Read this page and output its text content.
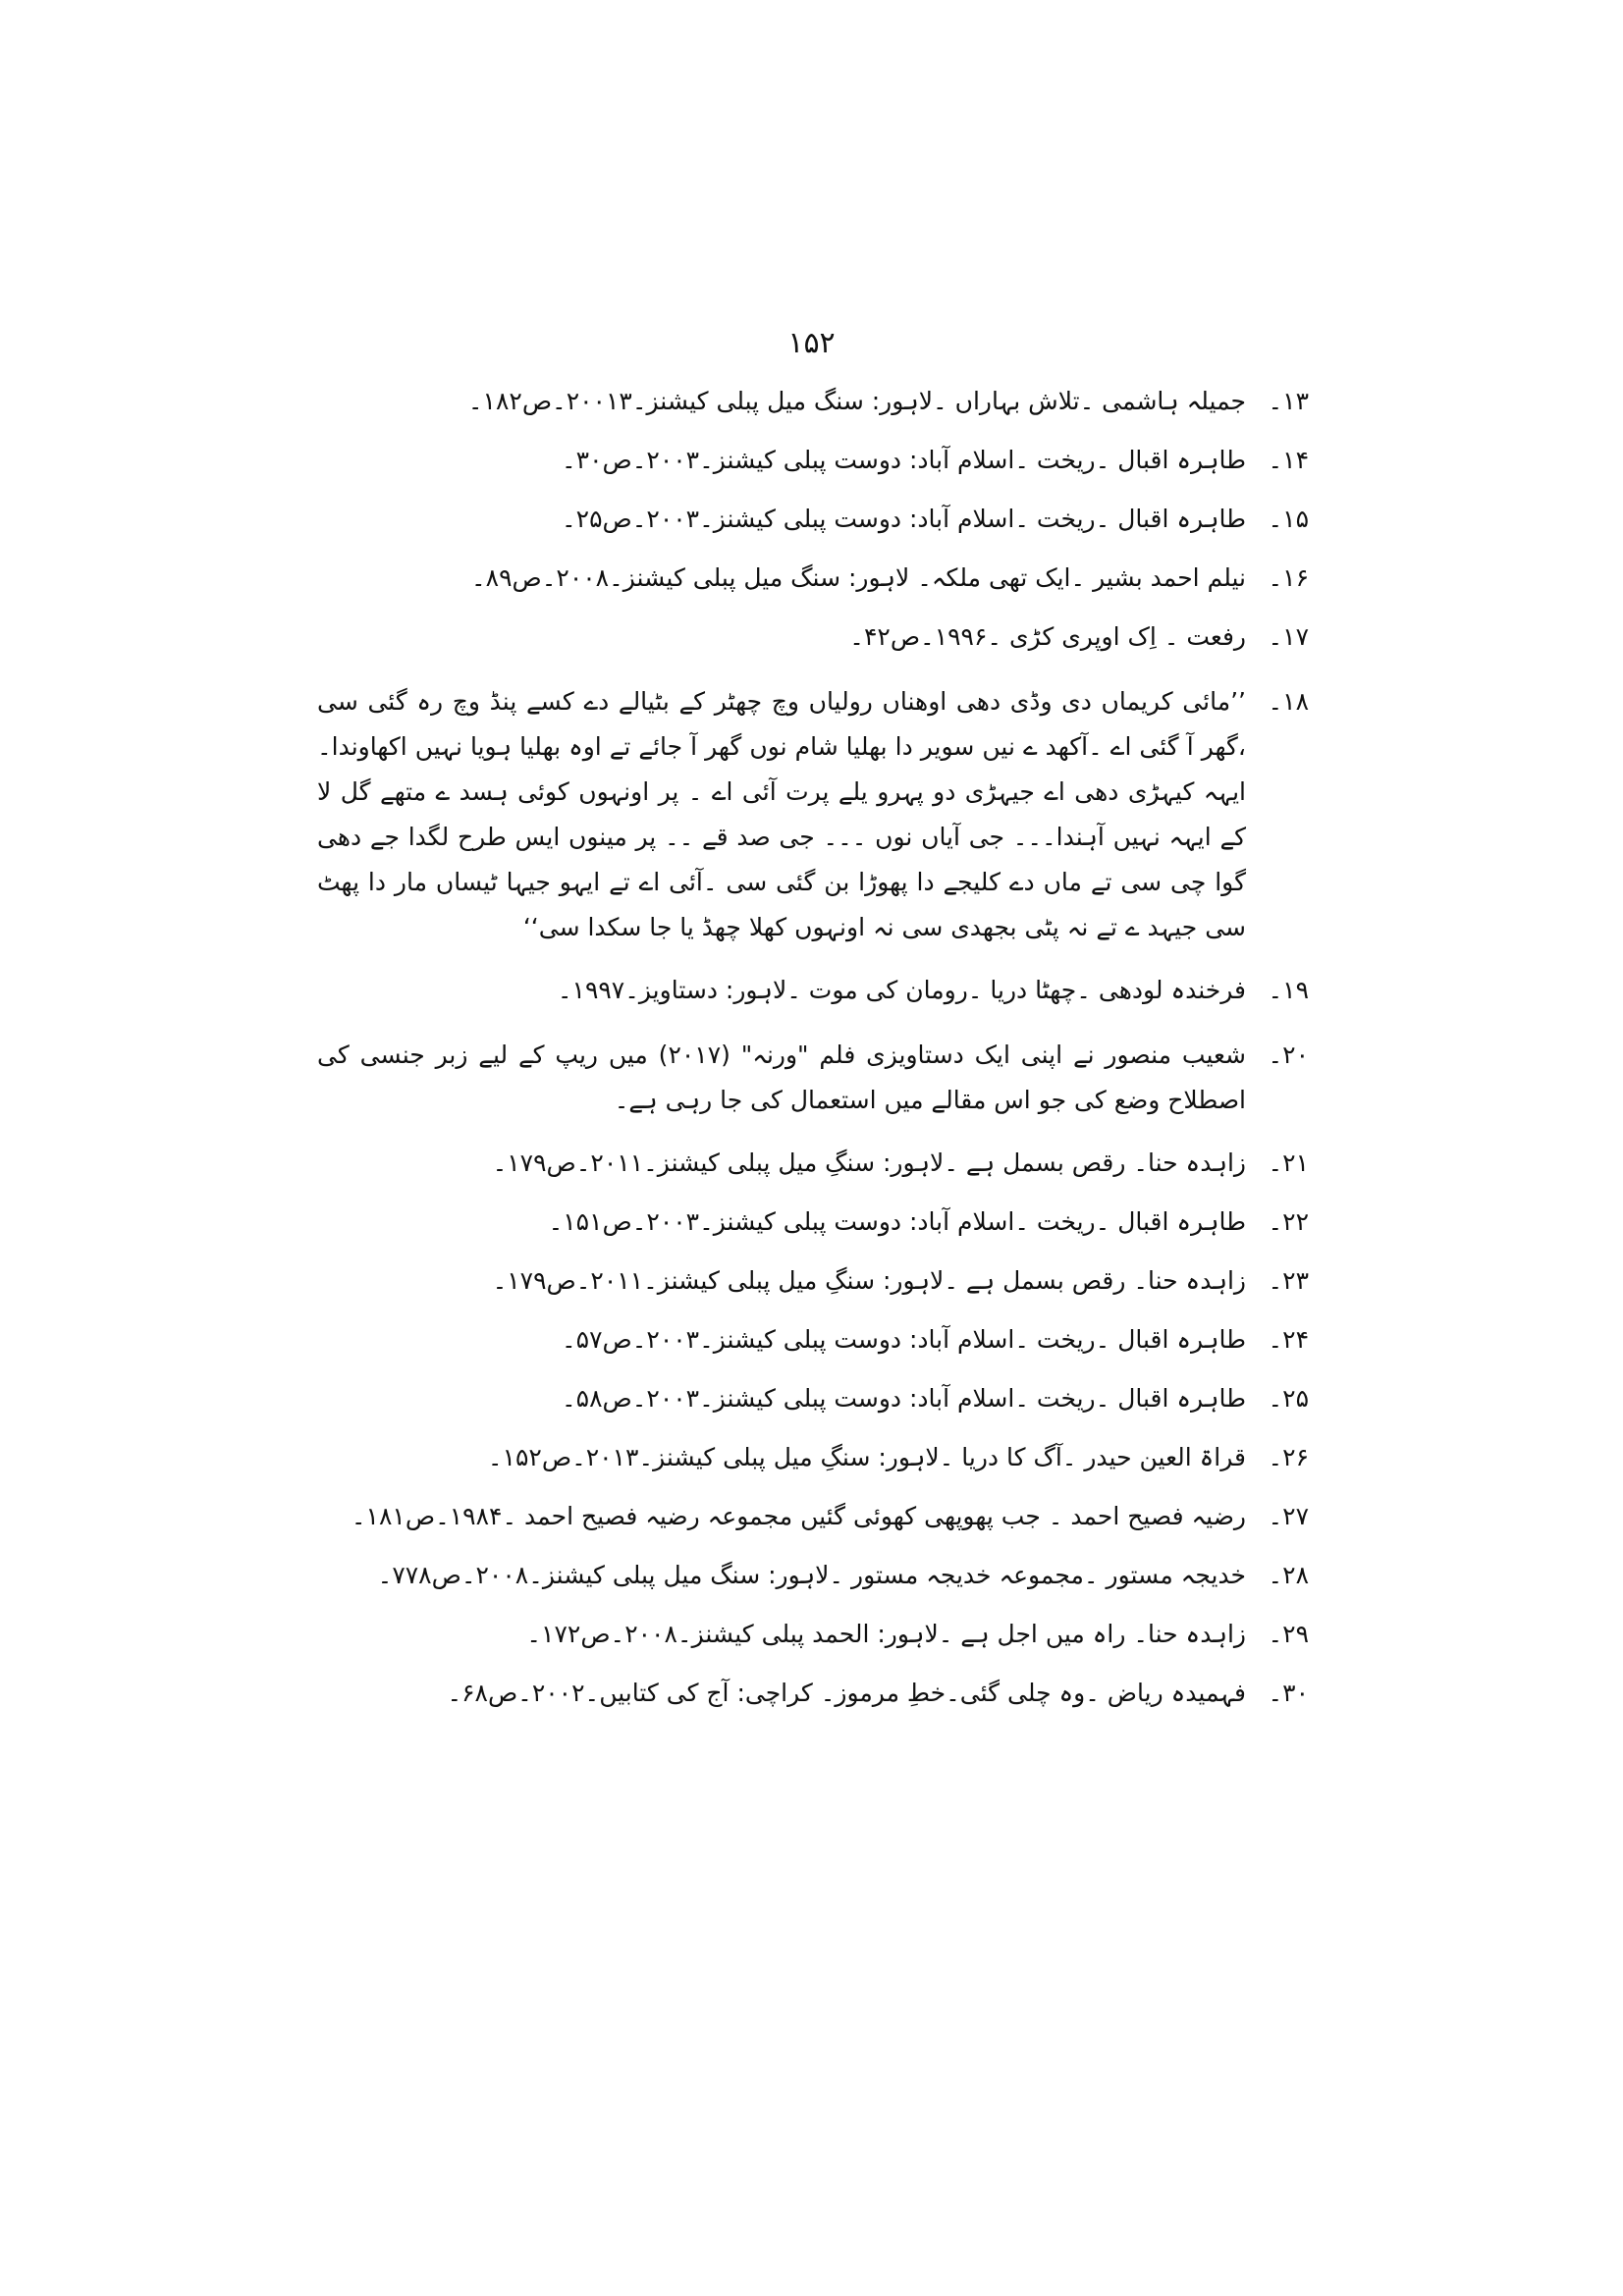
۱۵۲
۱۳۔
جمیلہ ہاشمی ۔تلاش بہاراں ۔لاہور: سنگ میل پبلی کیشنز۔۲۰۰۱۳۔ص۱۸۲۔
۱۴۔
طاہرہ اقبال ۔ریخت ۔اسلام آباد: دوست پبلی کیشنز۔۲۰۰۳۔ص۳۰۔
۱۵۔
طاہرہ اقبال ۔ریخت ۔اسلام آباد: دوست پبلی کیشنز۔۲۰۰۳۔ص۲۵۔
۱۶۔
نیلم احمد بشیر ۔ایک تھی ملکہ۔ لاہور: سنگ میل پبلی کیشنز۔۲۰۰۸۔ص۸۹۔
۱۷۔
رفعت ۔ اِک اوپری کڑی ۔۱۹۹۶۔ص۴۲۔
۱۸۔
’’مائی کریماں دی وڈی دھی اوھناں رولیاں وچ چھٹر کے بٹیالے دے کسے پنڈ وچ رہ گئی سی ،گھر آ گئی اے ۔آکھد ے نیں سویر دا بھلیا شام نوں گھر آ جائے تے اوہ بھلیا ہویا نہیں اکھاوندا۔ ایہہ کیہڑی دھی اے جیہڑی دو پہرو یلے پرت آئی اے ۔ پر اونہوں کوئی ہسد ے متھے گل لا کے ایہہ نہیں آہندا۔۔۔ جی آیاں نوں ۔۔۔ جی صد قے ۔۔ پر مینوں ایس طرح لگدا جے دھی گوا چی سی تے ماں دے کلیجے دا پھوڑا بن گئی سی ۔آئی اے تے ایہو جیہا ٹیساں مار دا پھٹ سی جیہد ے تے نہ پٹی بجھدی سی نہ اونہوں کھلا چھڈ یا جا سکدا سی‘‘
۱۹۔
فرخندہ لودھی ۔چھٹا دریا ۔رومان کی موت ۔لاہور: دستاویز۔۱۹۹۷۔
۲۰۔
شعیب منصور نے اپنی ایک دستاویزی فلم "ورنہ" (۲۰۱۷) میں ریپ کے لیے زبر جنسی کی اصطلاح وضع کی جو اس مقالے میں استعمال کی جا رہی ہے۔
۲۱۔
زاہدہ حنا۔ رقص بسمل ہے ۔لاہور: سنگِ میل پبلی کیشنز۔۲۰۱۱۔ص۱۷۹۔
۲۲۔
طاہرہ اقبال ۔ریخت ۔اسلام آباد: دوست پبلی کیشنز۔۲۰۰۳۔ص۱۵۱۔
۲۳۔
زاہدہ حنا۔ رقص بسمل ہے ۔لاہور: سنگِ میل پبلی کیشنز۔۲۰۱۱۔ص۱۷۹۔
۲۴۔
طاہرہ اقبال ۔ریخت ۔اسلام آباد: دوست پبلی کیشنز۔۲۰۰۳۔ص۵۷۔
۲۵۔
طاہرہ اقبال ۔ریخت ۔اسلام آباد: دوست پبلی کیشنز۔۲۰۰۳۔ص۵۸۔
۲۶۔
قراۃ العین حیدر ۔آگ کا دریا ۔لاہور: سنگِ میل پبلی کیشنز۔۲۰۱۳۔ص۱۵۲۔
۲۷۔
رضیہ فصیح احمد ۔ جب پھوپھی کھوئی گئیں مجموعہ رضیہ فصیح احمد ۔۱۹۸۴۔ص۱۸۱۔
۲۸۔
خدیجہ مستور ۔مجموعہ خدیجہ مستور ۔لاہور: سنگ میل پبلی کیشنز۔۲۰۰۸۔ص۷۷۸۔
۲۹۔
زاہدہ حنا۔ راہ میں اجل ہے ۔لاہور: الحمد پبلی کیشنز۔۲۰۰۸۔ص۱۷۲۔
۳۰۔
فہمیدہ ریاض ۔وہ چلی گئی۔خطِ مرموز۔ کراچی: آج کی کتابیں۔۲۰۰۲۔ص۶۸۔
